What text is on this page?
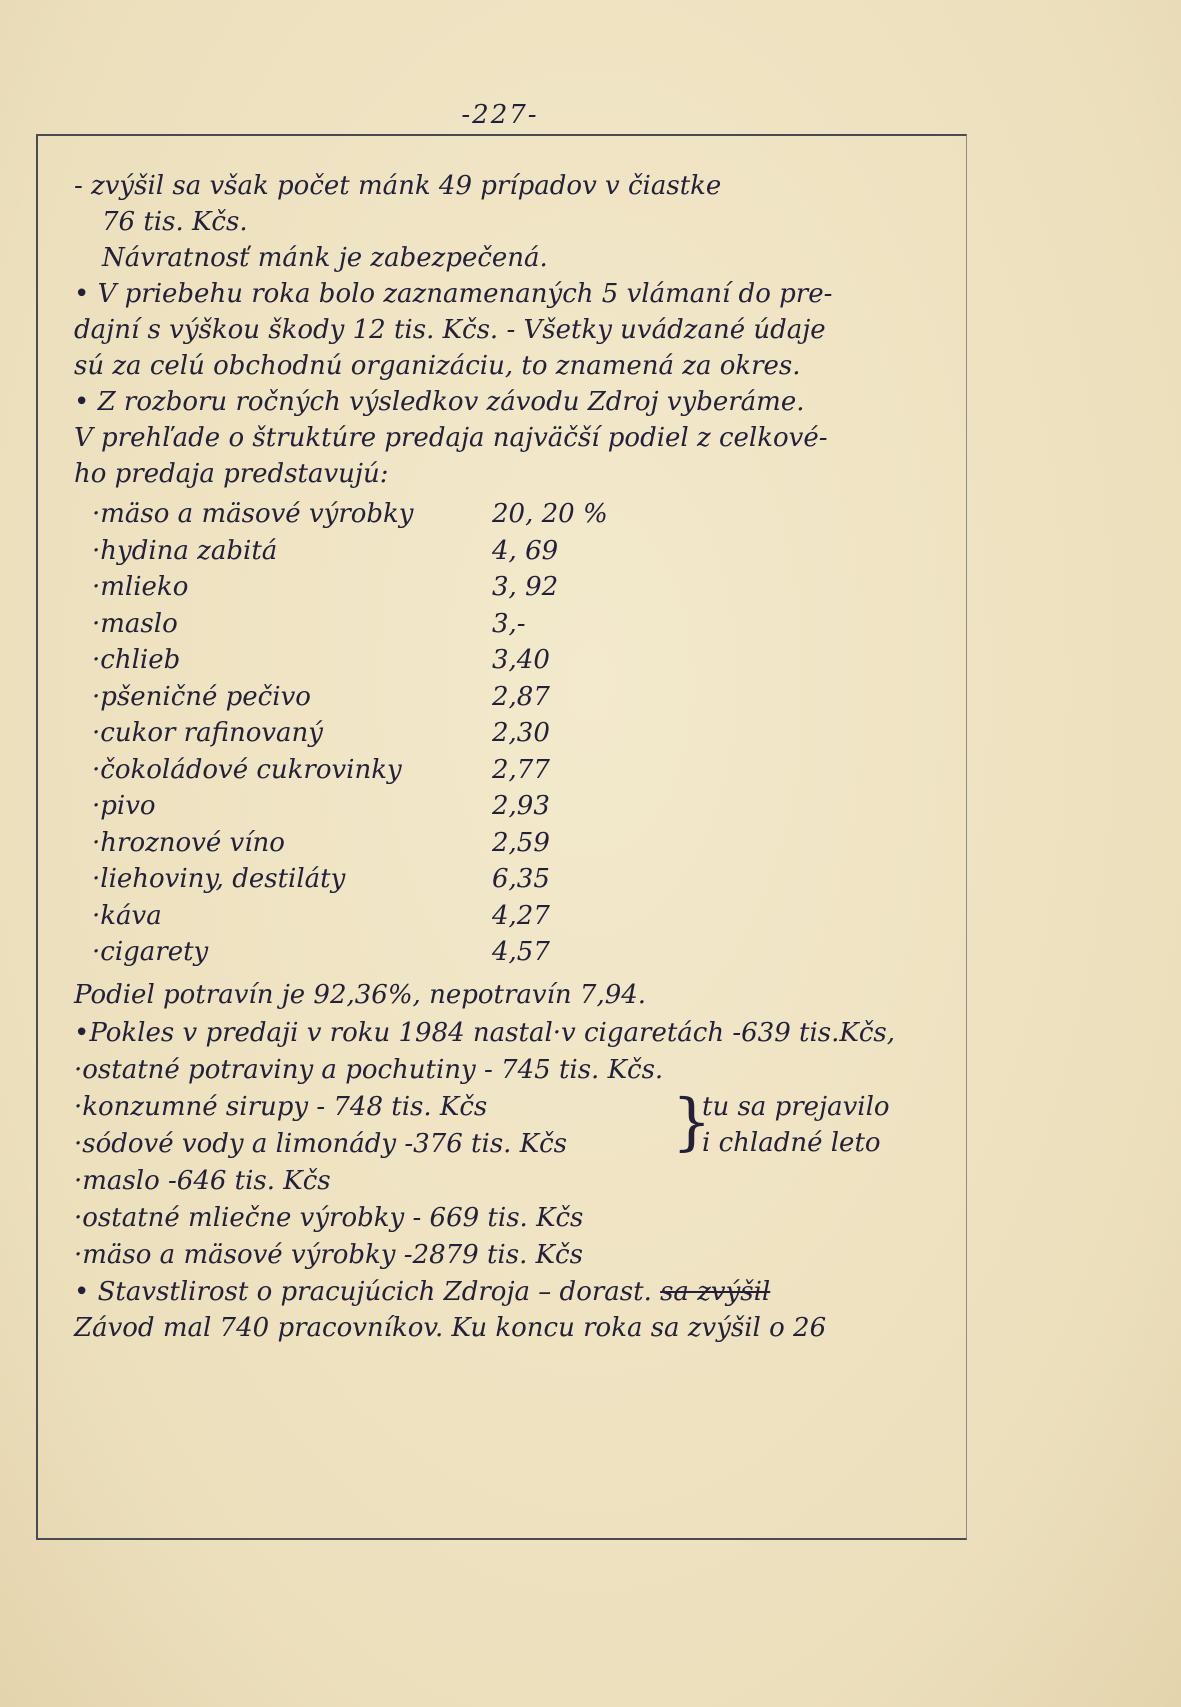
-227-
- zvýšil sa však počet mánk 49 prípadov v čiastke
76 tis. Kčs.
Návratnosť mánk je zabezpečená.
• V priebehu roka bolo zaznamenaných 5 vlámaní do pre-
dajní s výškou škody 12 tis. Kčs. - Všetky uvádzané údaje
sú za celú obchodnú organizáciu, to znamená za okres.
• Z rozboru ročných výsledkov závodu Zdroj vyberáme.
V prehľade o štruktúre predaja najväčší podiel z celkové-
ho predaja predstavujú:
·mäso a mäsové výrobky	20, 20 %
·hydina zabitá	4, 69
·mlieko	3, 92
·maslo	3,-
·chlieb	3,40
·pšeničné pečivo	2,87
·cukor rafinovaný	2,30
·čokoládové cukrovinky	2,77
·pivo	2,93
·hroznové víno	2,59
·liehoviny, destiláty	6,35
·káva	4,27
·cigarety	4,57
Podiel potravín je 92,36%, nepotravín 7,94.
•Pokles v predaji v roku 1984 nastal·v cigaretách -639 tis.Kčs,
·ostatné potraviny a pochutiny - 745 tis. Kčs.
·konzumné sirupy - 748 tis. Kčs
·sódové vody a limonády -376 tis. Kčs	}
tu sa prejavilo
i chladné leto
·maslo -646 tis. Kčs
·ostatné mliečne výrobky - 669 tis. Kčs
·mäso a mäsové výrobky -2879 tis. Kčs
• Stavstlirost o pracujúcich Zdroja – dorast. sa zvýšil
Závod mal 740 pracovníkov. Ku koncu roka sa zvýšil o 26
